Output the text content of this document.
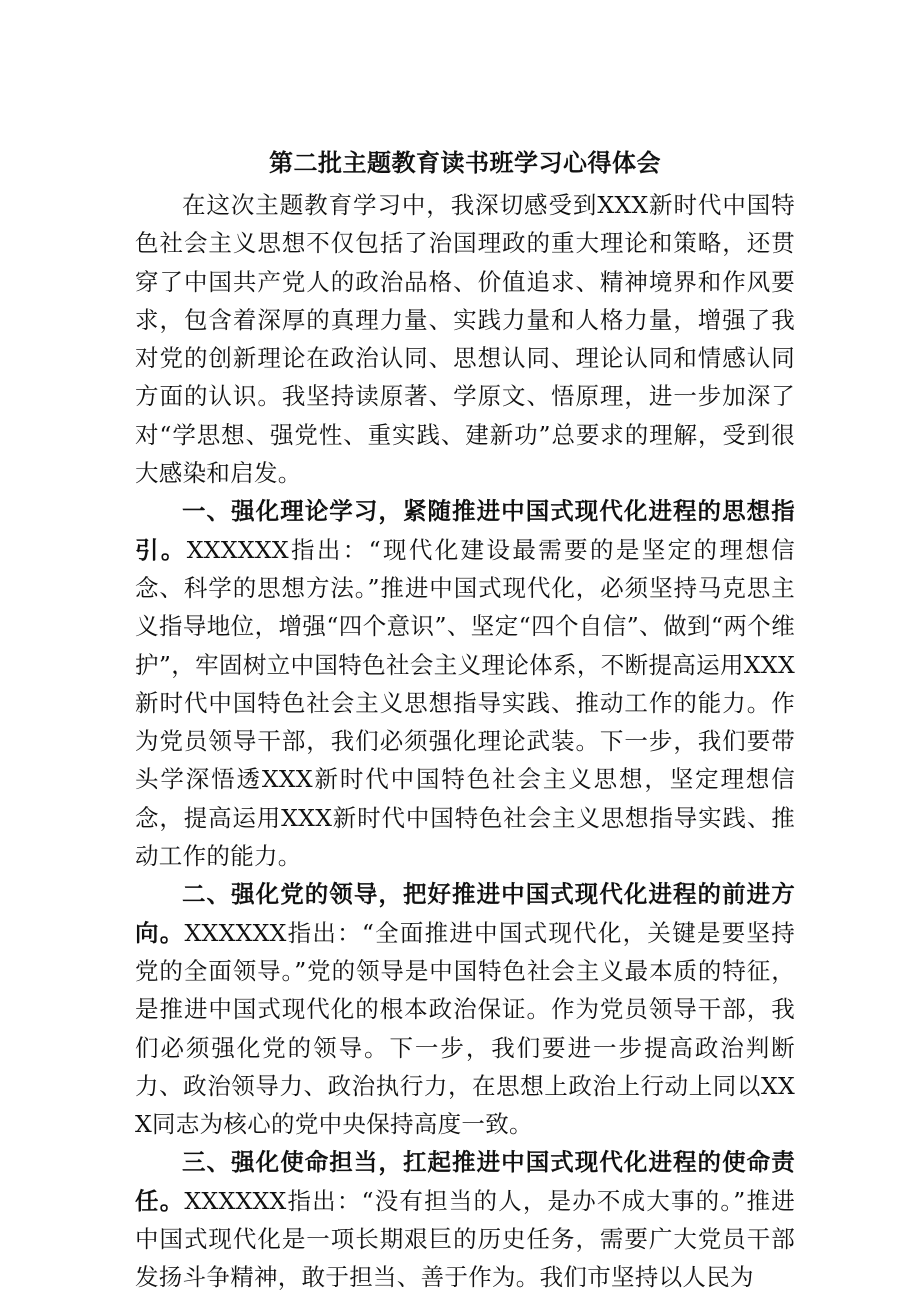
第二批主题教育读书班学习心得体会

在这次主题教育学习中，我深切感受到XXX新时代中国特色社会主义思想不仅包括了治国理政的重大理论和策略，还贯穿了中国共产党人的政治品格、价值追求、精神境界和作风要求，包含着深厚的真理力量、实践力量和人格力量，增强了我对党的创新理论在政治认同、思想认同、理论认同和情感认同方面的认识。我坚持读原著、学原文、悟原理，进一步加深了对“学思想、强党性、重实践、建新功”总要求的理解，受到很大感染和启发。

一、强化理论学习，紧随推进中国式现代化进程的思想指引。XXXXXX指出：“现代化建设最需要的是坚定的理想信念、科学的思想方法。”推进中国式现代化，必须坚持马克思主义指导地位，增强“四个意识”、坚定“四个自信”、做到“两个维护”，牢固树立中国特色社会主义理论体系，不断提高运用XXX新时代中国特色社会主义思想指导实践、推动工作的能力。作为党员领导干部，我们必须强化理论武装。下一步，我们要带头学深悟透XXX新时代中国特色社会主义思想，坚定理想信念，提高运用XXX新时代中国特色社会主义思想指导实践、推动工作的能力。

二、强化党的领导，把好推进中国式现代化进程的前进方向。XXXXXX指出：“全面推进中国式现代化，关键是要坚持党的全面领导。”党的领导是中国特色社会主义最本质的特征，是推进中国式现代化的根本政治保证。作为党员领导干部，我们必须强化党的领导。下一步，我们要进一步提高政治判断力、政治领导力、政治执行力，在思想上政治上行动上同以XXX同志为核心的党中央保持高度一致。

三、强化使命担当，扛起推进中国式现代化进程的使命责任。XXXXXX指出：“没有担当的人，是办不成大事的。”推进中国式现代化是一项长期艰巨的历史任务，需要广大党员干部发扬斗争精神，敢于担当、善于作为。我们市坚持以人民为
